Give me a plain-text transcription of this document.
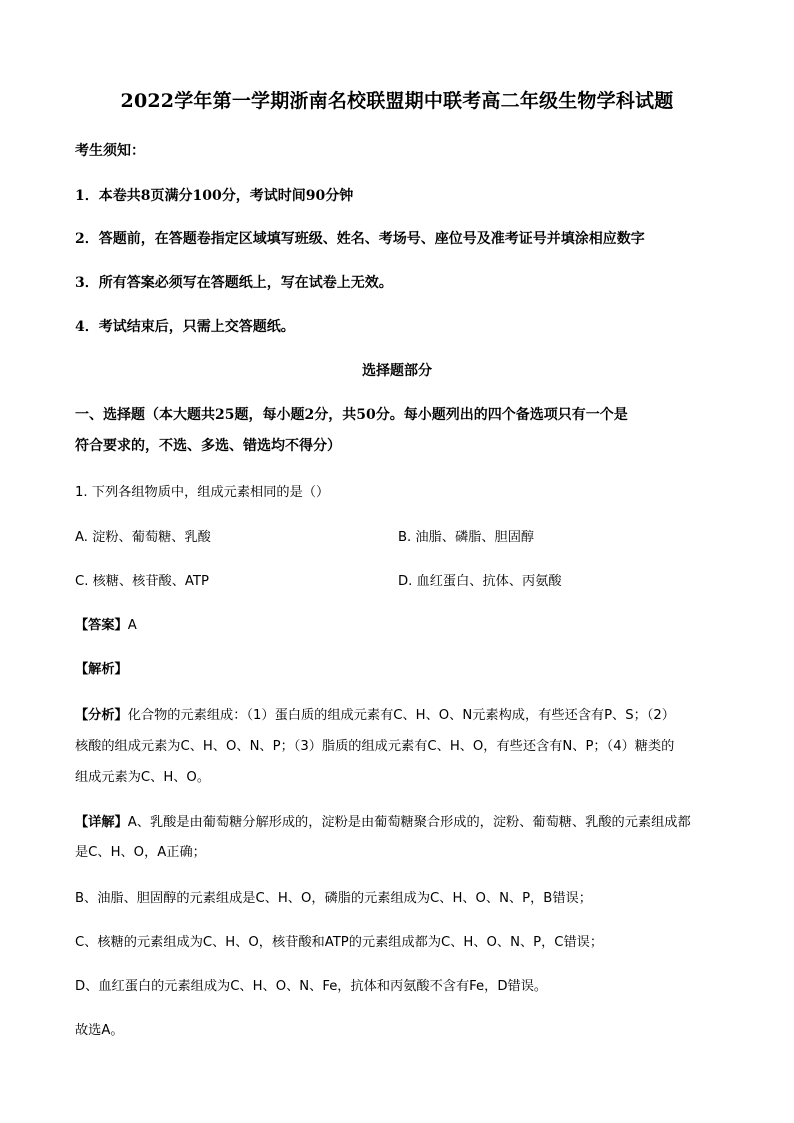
2022学年第一学期浙南名校联盟期中联考高二年级生物学科试题
考生须知：
1．本卷共8页满分100分，考试时间90分钟
2．答题前，在答题卷指定区域填写班级、姓名、考场号、座位号及准考证号并填涂相应数字
3．所有答案必须写在答题纸上，写在试卷上无效。
4．考试结束后，只需上交答题纸。
选择题部分
一、选择题（本大题共25题，每小题2分，共50分。每小题列出的四个备选项只有一个是
符合要求的，不选、多选、错选均不得分）
1. 下列各组物质中，组成元素相同的是（）
A. 淀粉、葡萄糖、乳酸	B. 油脂、磷脂、胆固醇
C. 核糖、核苷酸、ATP	D. 血红蛋白、抗体、丙氨酸
【答案】A
【解析】
【分析】化合物的元素组成：（1）蛋白质的组成元素有C、H、O、N元素构成，有些还含有P、S；（2）
核酸的组成元素为C、H、O、N、P；（3）脂质的组成元素有C、H、O，有些还含有N、P；（4）糖类的
组成元素为C、H、O。
【详解】A、乳酸是由葡萄糖分解形成的，淀粉是由葡萄糖聚合形成的，淀粉、葡萄糖、乳酸的元素组成都
是C、H、O，A正确；
B、油脂、胆固醇的元素组成是C、H、O，磷脂的元素组成为C、H、O、N、P，B错误；
C、核糖的元素组成为C、H、O，核苷酸和ATP的元素组成都为C、H、O、N、P，C错误；
D、血红蛋白的元素组成为C、H、O、N、Fe，抗体和丙氨酸不含有Fe，D错误。
故选A。
